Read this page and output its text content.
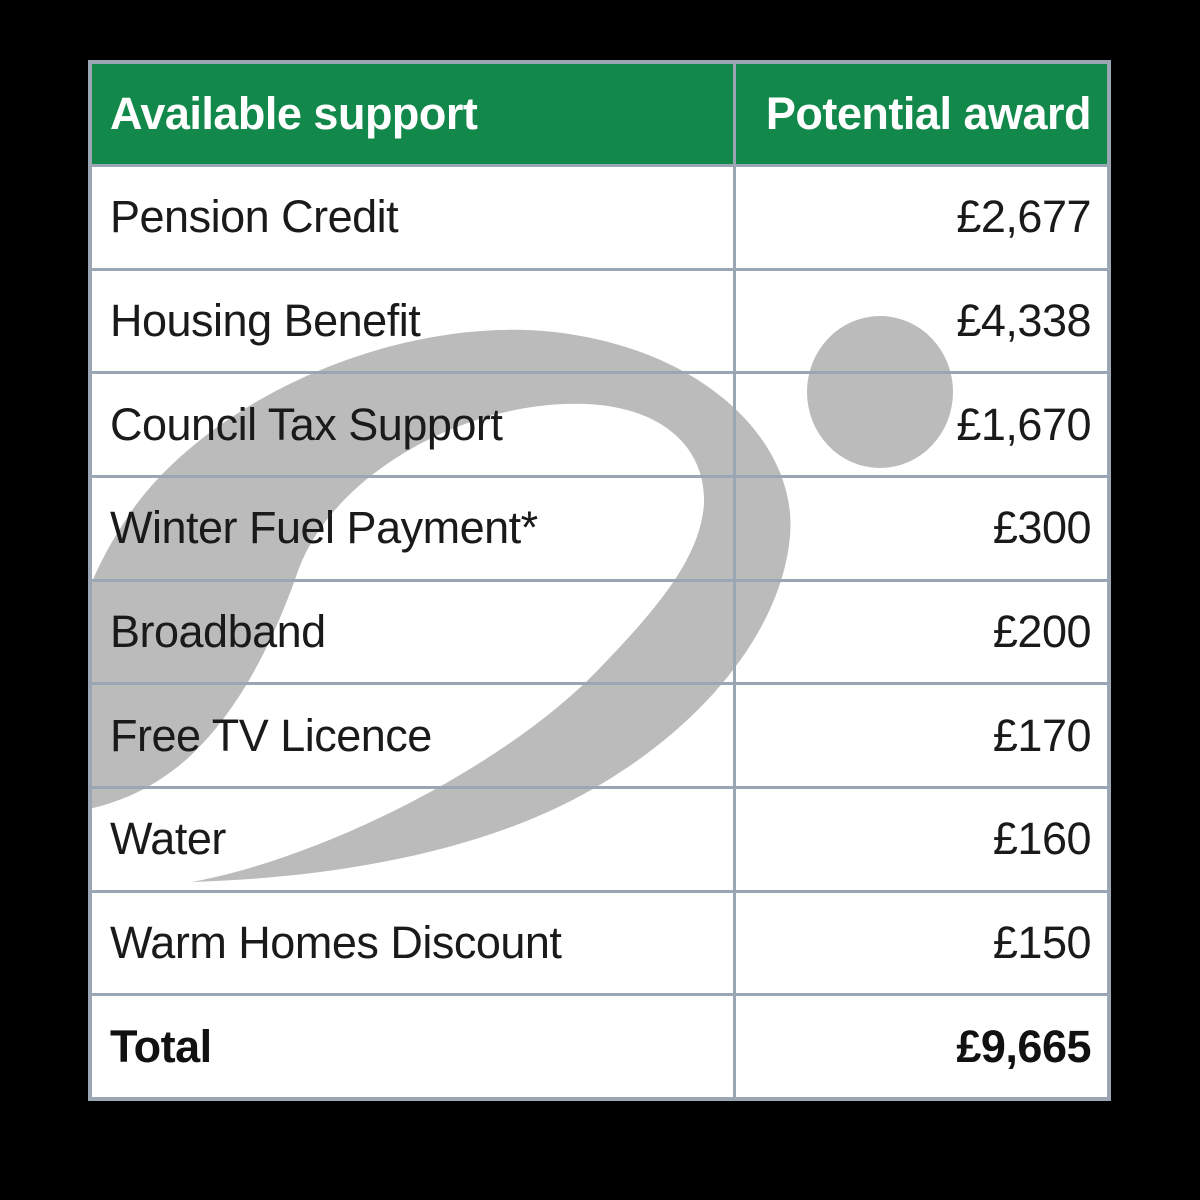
Available support	Potential award
Pension Credit	£2,677
Housing Benefit	£4,338
Council Tax Support	£1,670
Winter Fuel Payment*	£300
Broadband	£200
Free TV Licence	£170
Water	£160
Warm Homes Discount	£150
Total	£9,665
